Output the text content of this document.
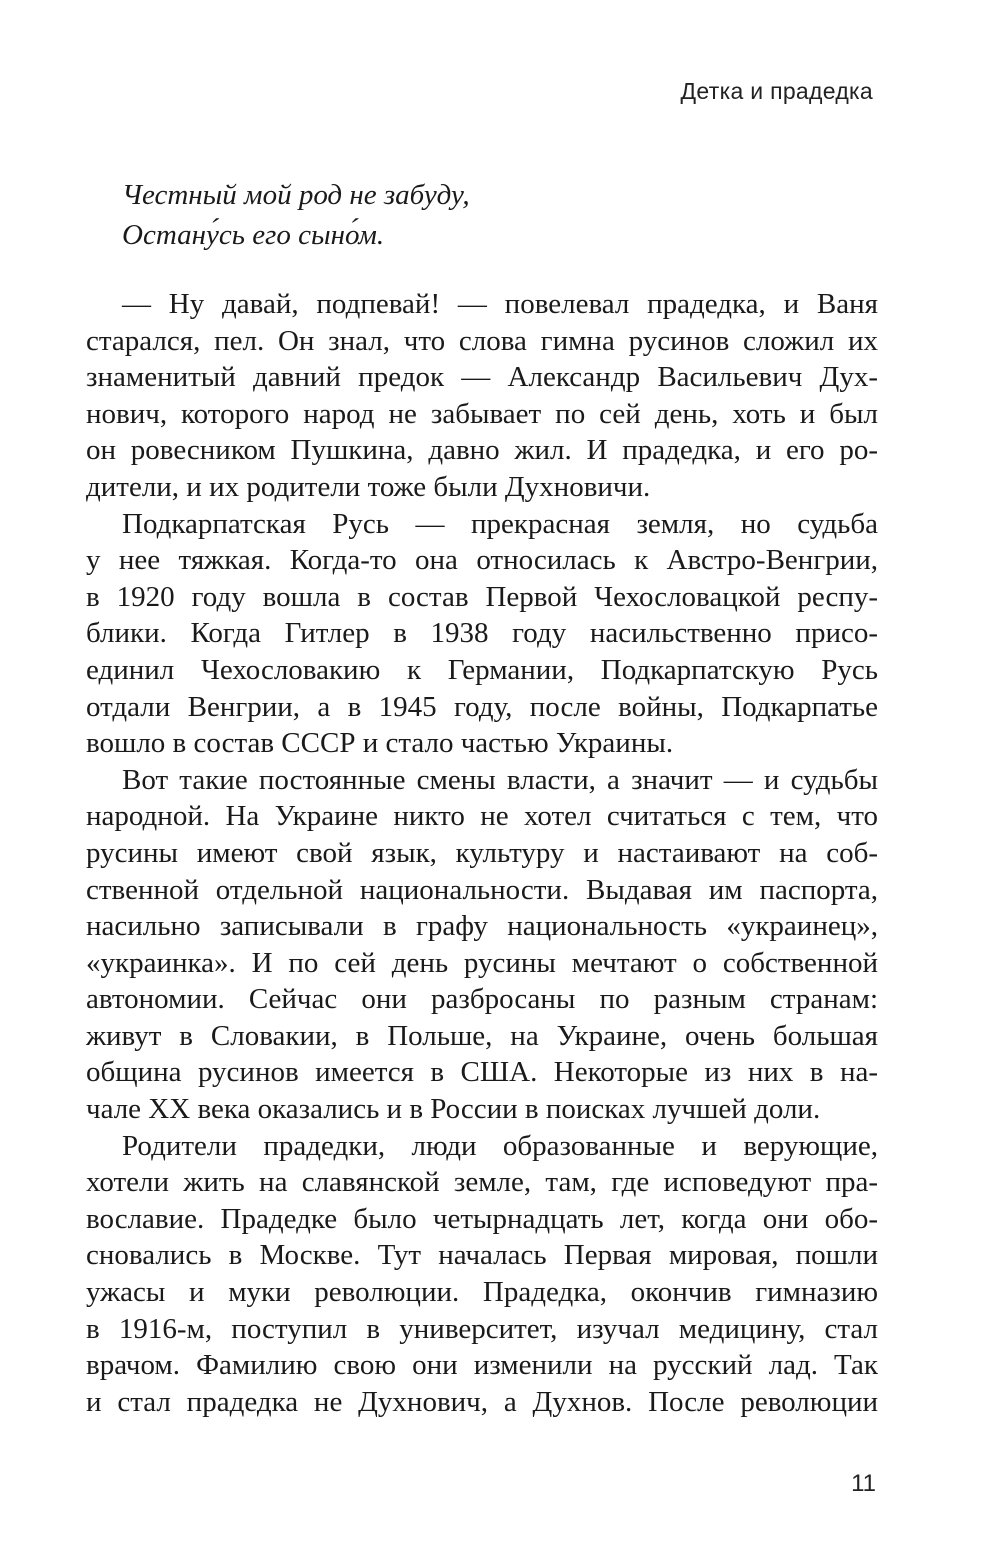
Детка и прадедка
Честный мой род не забуду,
Остану́сь его сыно́м.
— Ну давай, подпевай! — повелевал прадедка, и Ваня
старался, пел. Он знал, что слова гимна русинов сложил их
знаменитый давний предок — Александр Васильевич Дух-
нович, которого народ не забывает по сей день, хоть и был
он ровесником Пушкина, давно жил. И прадедка, и его ро-
дители, и их родители тоже были Духновичи.
Подкарпатская Русь — прекрасная земля, но судьба
у нее тяжкая. Когда-то она относилась к Австро-Венгрии,
в 1920 году вошла в состав Первой Чехословацкой респу-
блики. Когда Гитлер в 1938 году насильственно присо-
единил Чехословакию к Германии, Подкарпатскую Русь
отдали Венгрии, а в 1945 году, после войны, Подкарпатье
вошло в состав СССР и стало частью Украины.
Вот такие постоянные смены власти, а значит — и судьбы
народной. На Украине никто не хотел считаться с тем, что
русины имеют свой язык, культуру и настаивают на соб-
ственной отдельной национальности. Выдавая им паспорта,
насильно записывали в графу национальность «украинец»,
«украинка». И по сей день русины мечтают о собственной
автономии. Сейчас они разбросаны по разным странам:
живут в Словакии, в Польше, на Украине, очень большая
община русинов имеется в США. Некоторые из них в на-
чале XX века оказались и в России в поисках лучшей доли.
Родители прадедки, люди образованные и верующие,
хотели жить на славянской земле, там, где исповедуют пра-
вославие. Прадедке было четырнадцать лет, когда они обо-
сновались в Москве. Тут началась Первая мировая, пошли
ужасы и муки революции. Прадедка, окончив гимназию
в 1916-м, поступил в университет, изучал медицину, стал
врачом. Фамилию свою они изменили на русский лад. Так
и стал прадедка не Духнович, а Духнов. После революции
11
